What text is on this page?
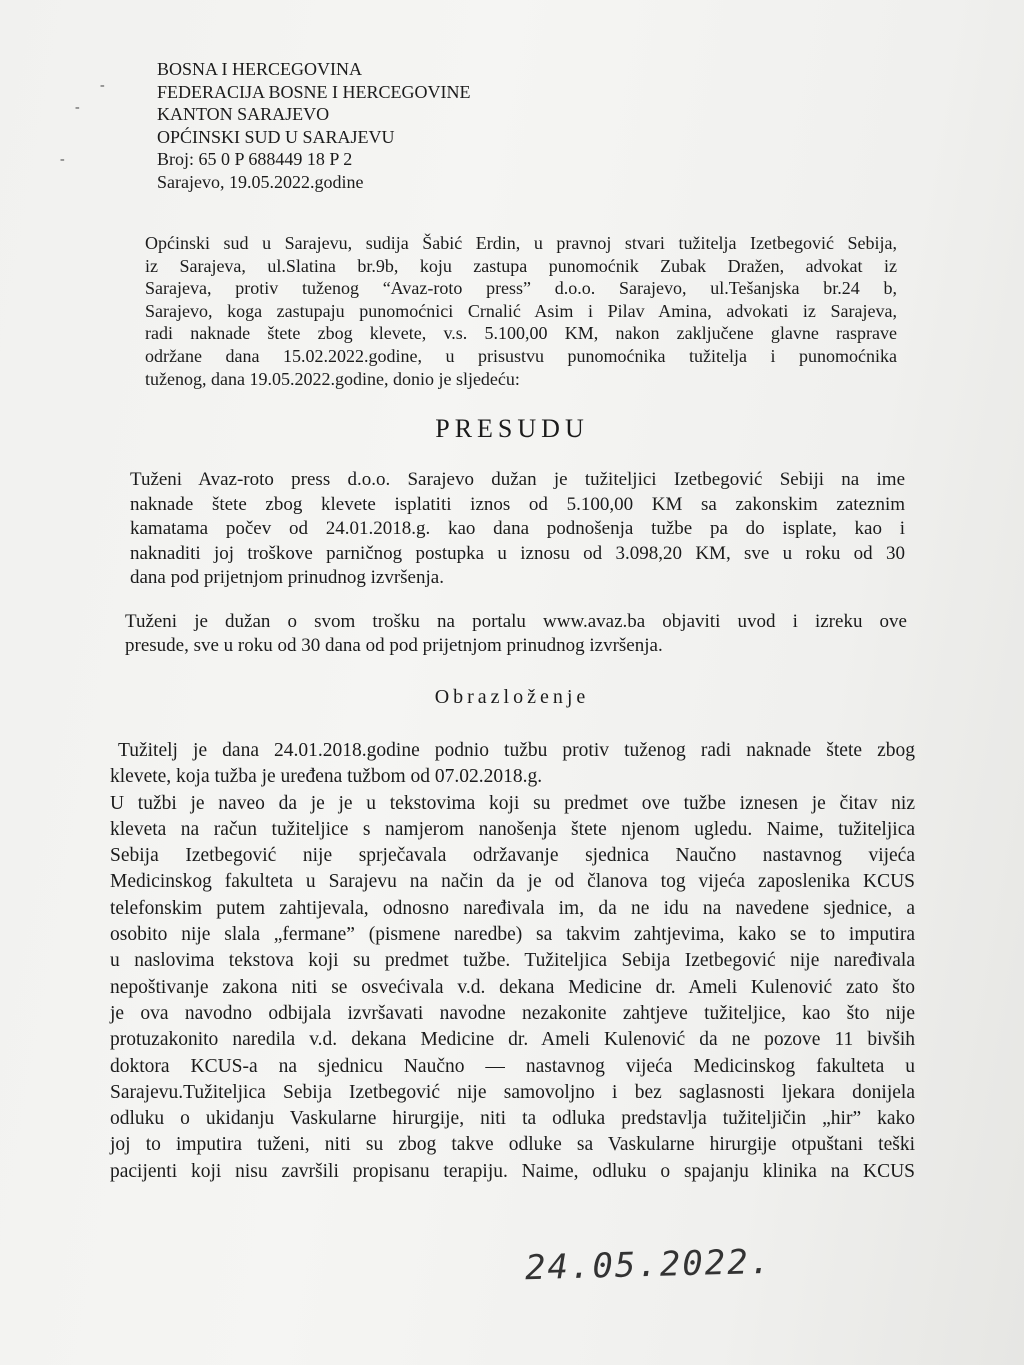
-
-
-
BOSNA I HERCEGOVINA
FEDERACIJA BOSNE I HERCEGOVINE
KANTON SARAJEVO
OPĆINSKI SUD U SARAJEVU
Broj: 65 0 P 688449 18 P 2
Sarajevo, 19.05.2022.godine
Općinski sud u Sarajevu, sudija Šabić Erdin, u pravnoj stvari tužitelja Izetbegović Sebija,
iz Sarajeva, ul.Slatina br.9b, koju zastupa punomoćnik Zubak Dražen, advokat iz
Sarajeva, protiv tuženog “Avaz-roto press” d.o.o. Sarajevo, ul.Tešanjska br.24 b,
Sarajevo, koga zastupaju punomoćnici Crnalić Asim i Pilav Amina, advokati iz Sarajeva,
radi naknade štete zbog klevete, v.s. 5.100,00 KM, nakon zaključene glavne rasprave
održane dana 15.02.2022.godine, u prisustvu punomoćnika tužitelja i punomoćnika
tuženog, dana 19.05.2022.godine, donio je sljedeću:
PRESUDU
Tuženi Avaz-roto press d.o.o. Sarajevo dužan je tužiteljici Izetbegović Sebiji na ime
naknade štete zbog klevete isplatiti iznos od 5.100,00 KM sa zakonskim zateznim
kamatama počev od 24.01.2018.g. kao dana podnošenja tužbe pa do isplate, kao i
naknaditi joj troškove parničnog postupka u iznosu od 3.098,20 KM, sve u roku od 30
dana pod prijetnjom prinudnog izvršenja.
Tuženi je dužan o svom trošku na portalu www.avaz.ba objaviti uvod i izreku ove
presude, sve u roku od 30 dana od pod prijetnjom prinudnog izvršenja.
Obrazloženje
Tužitelj je dana 24.01.2018.godine podnio tužbu protiv tuženog radi naknade štete zbog
klevete, koja tužba je uređena tužbom od 07.02.2018.g.
U tužbi je naveo da je je u tekstovima koji su predmet ove tužbe iznesen je čitav niz
kleveta na račun tužiteljice s namjerom nanošenja štete njenom ugledu. Naime, tužiteljica
Sebija Izetbegović nije sprječavala održavanje sjednica Naučno nastavnog vijeća
Medicinskog fakulteta u Sarajevu na način da je od članova tog vijeća zaposlenika KCUS
telefonskim putem zahtijevala, odnosno naređivala im, da ne idu na navedene sjednice, a
osobito nije slala „fermane” (pismene naredbe) sa takvim zahtjevima, kako se to imputira
u naslovima tekstova koji su predmet tužbe. Tužiteljica Sebija Izetbegović nije naređivala
nepoštivanje zakona niti se osvećivala v.d. dekana Medicine dr. Ameli Kulenović zato što
je ova navodno odbijala izvršavati navodne nezakonite zahtjeve tužiteljice, kao što nije
protuzakonito naredila v.d. dekana Medicine dr. Ameli Kulenović da ne pozove 11 bivših
doktora KCUS-a na sjednicu Naučno — nastavnog vijeća Medicinskog fakulteta u
Sarajevu.Tužiteljica Sebija Izetbegović nije samovoljno i bez saglasnosti ljekara donijela
odluku o ukidanju Vaskularne hirurgije, niti ta odluka predstavlja tužiteljičin „hir” kako
joj to imputira tuženi, niti su zbog takve odluke sa Vaskularne hirurgije otpuštani teški
pacijenti koji nisu završili propisanu terapiju. Naime, odluku o spajanju klinika na KCUS
24.05.2022.
